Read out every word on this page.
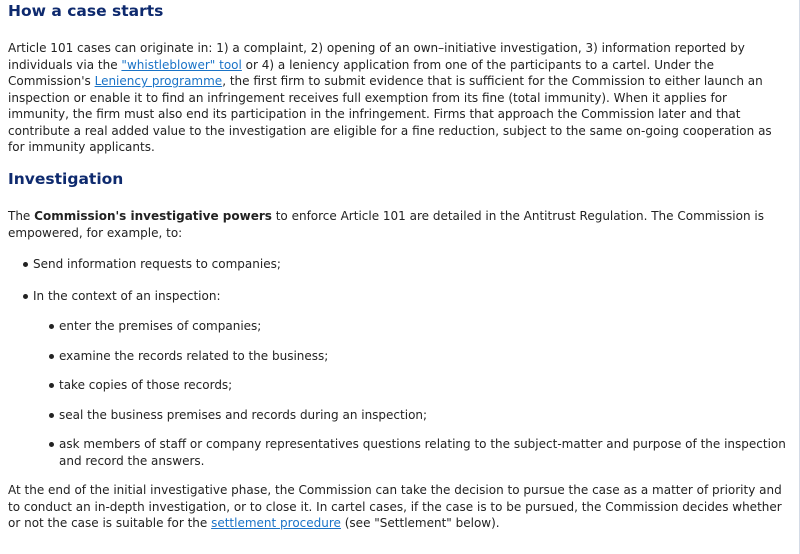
How a case starts

Article 101 cases can originate in: 1) a complaint, 2) opening of an own–initiative investigation, 3) information reported by individuals via the "whistleblower" tool or 4) a leniency application from one of the participants to a cartel. Under the Commission's Leniency programme, the first firm to submit evidence that is sufficient for the Commission to either launch an inspection or enable it to find an infringement receives full exemption from its fine (total immunity). When it applies for immunity, the firm must also end its participation in the infringement. Firms that approach the Commission later and that contribute a real added value to the investigation are eligible for a fine reduction, subject to the same on-going cooperation as for immunity applicants.

Investigation

The Commission's investigative powers to enforce Article 101 are detailed in the Antitrust Regulation. The Commission is empowered, for example, to:

Send information requests to companies;
In the context of an inspection:
enter the premises of companies;
examine the records related to the business;
take copies of those records;
seal the business premises and records during an inspection;
ask members of staff or company representatives questions relating to the subject-matter and purpose of the inspection and record the answers.

At the end of the initial investigative phase, the Commission can take the decision to pursue the case as a matter of priority and to conduct an in-depth investigation, or to close it. In cartel cases, if the case is to be pursued, the Commission decides whether or not the case is suitable for the settlement procedure (see "Settlement" below).
